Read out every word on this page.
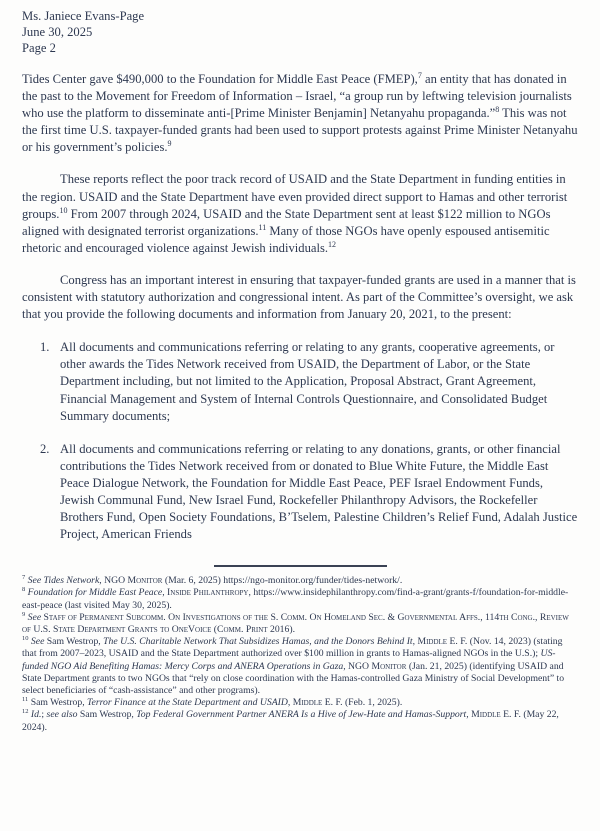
Ms. Janiece Evans-Page

June 30, 2025

Page 2

Tides Center gave $490,000 to the Foundation for Middle East Peace (FMEP),$^7$ an entity that has donated in the past to the Movement for Freedom of Information – Israel, “a group run by leftwing television journalists who use the platform to disseminate anti-[Prime Minister Benjamin] Netanyahu propaganda.”$^8$ This was not the first time U.S. taxpayer-funded grants had been used to support protests against Prime Minister Netanyahu or his government’s policies.$^9$

These reports reflect the poor track record of USAID and the State Department in funding entities in the region. USAID and the State Department have even provided direct support to Hamas and other terrorist groups.$^{10}$ From 2007 through 2024, USAID and the State Department sent at least $122 million to NGOs aligned with designated terrorist organizations.$^{11}$ Many of those NGOs have openly espoused antisemitic rhetoric and encouraged violence against Jewish individuals.$^{12}$

Congress has an important interest in ensuring that taxpayer-funded grants are used in a manner that is consistent with statutory authorization and congressional intent. As part of the Committee’s oversight, we ask that you provide the following documents and information from January 20, 2021, to the present:

1. All documents and communications referring or relating to any grants, cooperative agreements, or other awards the Tides Network received from USAID, the Department of Labor, or the State Department including, but not limited to the Application, Proposal Abstract, Grant Agreement, Financial Management and System of Internal Controls Questionnaire, and Consolidated Budget Summary documents;
2. All documents and communications referring or relating to any donations, grants, or other financial contributions the Tides Network received from or donated to Blue White Future, the Middle East Peace Dialogue Network, the Foundation for Middle East Peace, PEF Israel Endowment Funds, Jewish Communal Fund, New Israel Fund, Rockefeller Philanthropy Advisors, the Rockefeller Brothers Fund, Open Society Foundations, B’Tselem, Palestine Children’s Relief Fund, Adalah Justice Project, American Friends

$^7$ See Tides Network, NGO Monitor (Mar. 6, 2025) https://ngo-monitor.org/funder/tides-network/.

$^8$ Foundation for Middle East Peace, Inside Philanthropy, https://www.insidephilanthropy.com/find-a-grant/grants-f/foundation-for-middle-east-peace (last visited May 30, 2025).

$^9$ See Staff of Permanent Subcomm. On Investigations of the S. Comm. On Homeland Sec. & Governmental Affs., 114th Cong., Review of U.S. State Department Grants to OneVoice (Comm. Print 2016).

$^{10}$ See Sam Westrop, The U.S. Charitable Network That Subsidizes Hamas, and the Donors Behind It, Middle E. F. (Nov. 14, 2023) (stating that from 2007–2023, USAID and the State Department authorized over $100 million in grants to Hamas-aligned NGOs in the U.S.); US-funded NGO Aid Benefiting Hamas: Mercy Corps and ANERA Operations in Gaza, NGO Monitor (Jan. 21, 2025) (identifying USAID and State Department grants to two NGOs that “rely on close coordination with the Hamas-controlled Gaza Ministry of Social Development” to select beneficiaries of “cash-assistance” and other programs).

$^{11}$ Sam Westrop, Terror Finance at the State Department and USAID, Middle E. F. (Feb. 1, 2025).

$^{12}$ Id.; see also Sam Westrop, Top Federal Government Partner ANERA Is a Hive of Jew-Hate and Hamas-Support, Middle E. F. (May 22, 2024).
